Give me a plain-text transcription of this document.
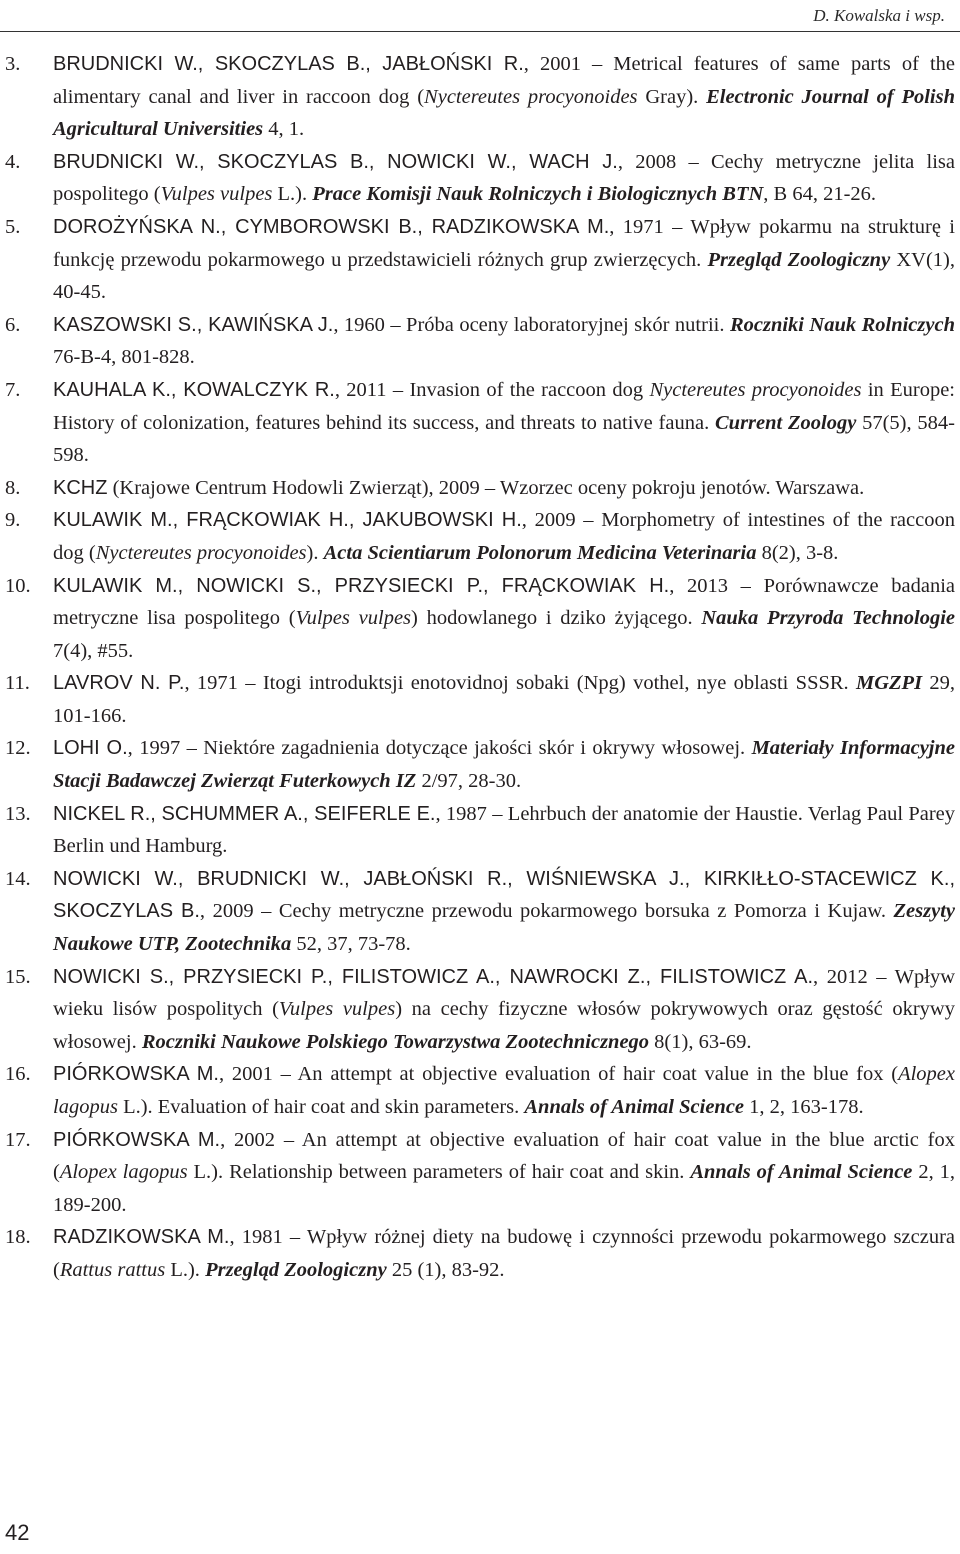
D. Kowalska i wsp.
3.	BRUDNICKI W., SKOCZYLAS B., JABŁOŃSKI R., 2001 – Metrical features of same parts of the alimentary canal and liver in raccoon dog (Nyctereutes procyonoides Gray). Electronic Journal of Polish Agricultural Universities 4, 1.
4.	BRUDNICKI W., SKOCZYLAS B., NOWICKI W., WACH J., 2008 – Cechy metryczne jelita lisa pospolitego (Vulpes vulpes L.). Prace Komisji Nauk Rolniczych i Biologicznych BTN, B 64, 21-26.
5.	DOROŻYŃSKA N., CYMBOROWSKI B., RADZIKOWSKA M., 1971 – Wpływ pokarmu na strukturę i funkcję przewodu pokarmowego u przedstawicieli różnych grup zwierzęcych. Przegląd Zoologiczny XV(1), 40-45.
6.	KASZOWSKI S., KAWIŃSKA J., 1960 – Próba oceny laboratoryjnej skór nutrii. Roczniki Nauk Rolniczych 76-B-4, 801-828.
7.	KAUHALA K., KOWALCZYK R., 2011 – Invasion of the raccoon dog Nyctereutes procyonoides in Europe: History of colonization, features behind its success, and threats to native fauna. Current Zoology 57(5), 584-598.
8.	KCHZ (Krajowe Centrum Hodowli Zwierząt), 2009 – Wzorzec oceny pokroju jenotów. Warszawa.
9.	KULAWIK M., FRĄCKOWIAK H., JAKUBOWSKI H., 2009 – Morphometry of intestines of the raccoon dog (Nyctereutes procyonoides). Acta Scientiarum Polonorum Medicina Veterinaria 8(2), 3-8.
10.	KULAWIK M., NOWICKI S., PRZYSIECKI P., FRĄCKOWIAK H., 2013 – Porównawcze badania metryczne lisa pospolitego (Vulpes vulpes) hodowlanego i dziko żyjącego. Nauka Przyroda Technologie 7(4), #55.
11.	LAVROV N. P., 1971 – Itogi introduktsji enotovidnoj sobaki (Npg) vothel, nye oblasti SSSR. MGZPI 29, 101-166.
12.	LOHI O., 1997 – Niektóre zagadnienia dotyczące jakości skór i okrywy włosowej. Materiały Informacyjne Stacji Badawczej Zwierząt Futerkowych IZ 2/97, 28-30.
13.	NICKEL R., SCHUMMER A., SEIFERLE E., 1987 – Lehrbuch der anatomie der Haustie. Verlag Paul Parey Berlin und Hamburg.
14.	NOWICKI W., BRUDNICKI W., JABŁOŃSKI R., WIŚNIEWSKA J., KIRKIŁŁO-STACEWICZ K., SKOCZYLAS B., 2009 – Cechy metryczne przewodu pokarmowego borsuka z Pomorza i Kujaw. Zeszyty Naukowe UTP, Zootechnika 52, 37, 73-78.
15.	NOWICKI S., PRZYSIECKI P., FILISTOWICZ A., NAWROCKI Z., FILISTOWICZ A., 2012 – Wpływ wieku lisów pospolitych (Vulpes vulpes) na cechy fizyczne włosów pokrywowych oraz gęstość okrywy włosowej. Roczniki Naukowe Polskiego Towarzystwa Zootechnicznego 8(1), 63-69.
16.	PIÓRKOWSKA M., 2001 – An attempt at objective evaluation of hair coat value in the blue fox (Alopex lagopus L.). Evaluation of hair coat and skin parameters. Annals of Animal Science 1, 2, 163-178.
17.	PIÓRKOWSKA M., 2002 – An attempt at objective evaluation of hair coat value in the blue arctic fox (Alopex lagopus L.). Relationship between parameters of hair coat and skin. Annals of Animal Science 2, 1, 189-200.
18.	RADZIKOWSKA M., 1981 – Wpływ różnej diety na budowę i czynności przewodu pokarmowego szczura (Rattus rattus L.). Przegląd Zoologiczny 25 (1), 83-92.
42
